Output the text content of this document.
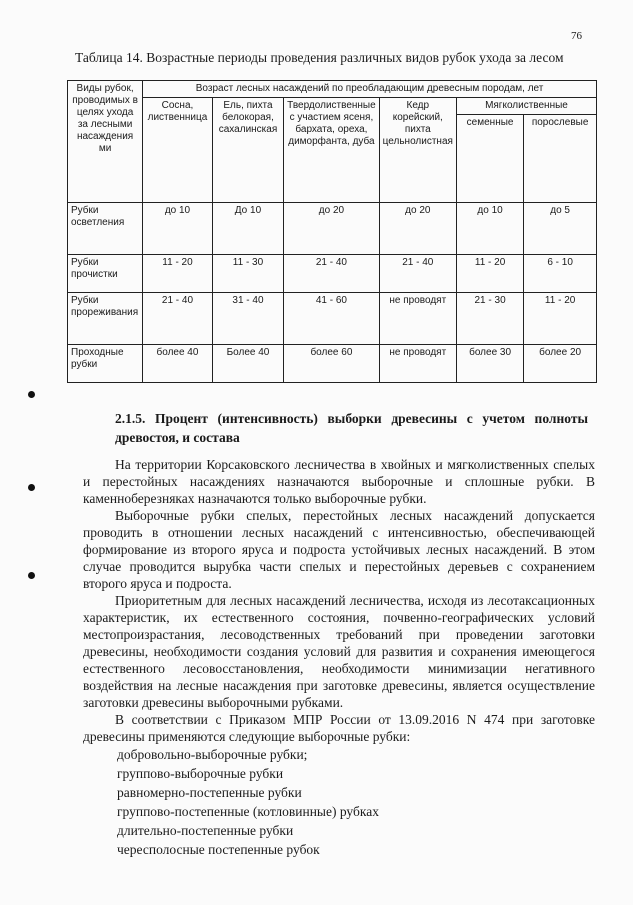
76
Таблица 14. Возрастные периоды проведения различных видов рубок ухода за лесом
Виды рубок, проводимых в целях ухода за лесными насаждения ми	Возраст лесных насаждений по преобладающим древесным породам, лет					
	Сосна, лиственница	Ель, пихта белокорая, сахалинская	Твердолиственные с участием ясеня, бархата, ореха, диморфанта, дуба	Кедр корейский, пихта цельнолистная	Мягколиственные	
					семенные	порослевые
Рубки осветления	до 10	До 10	до 20	до 20	до 10	до 5
Рубки прочистки	11 - 20	11 - 30	21 - 40	21 - 40	11 - 20	6 - 10
Рубки прореживания	21 - 40	31 - 40	41 - 60	не проводят	21 - 30	11 - 20
Проходные рубки	более 40	Более 40	более 60	не проводят	более 30	более 20
2.1.5. Процент (интенсивность) выборки древесины с учетом полноты древостоя, и состава

На территории Корсаковского лесничества в хвойных и мягколиственных спелых и перестойных насаждениях назначаются выборочные и сплошные рубки. В каменноберезняках назначаются только выборочные рубки.

Выборочные рубки спелых, перестойных лесных насаждений допускается проводить в отношении лесных насаждений с интенсивностью, обеспечивающей формирование из второго яруса и подроста устойчивых лесных насаждений. В этом случае проводится вырубка части спелых и перестойных деревьев с сохранением второго яруса и подроста.

Приоритетным для лесных насаждений лесничества, исходя из лесотаксационных характеристик, их естественного состояния, почвенно-географических условий местопроизрастания, лесоводственных требований при проведении заготовки древесины, необходимости создания условий для развития и сохранения имеющегося естественного лесовосстановления, необходимости минимизации негативного воздействия на лесные насаждения при заготовке древесины, является осуществление заготовки древесины выборочными рубками.

В соответствии с Приказом МПР России от 13.09.2016 N 474 при заготовке древесины применяются следующие выборочные рубки:

добровольно-выборочные рубки;
группово-выборочные рубки
равномерно-постепенные рубки
группово-постепенные (котловинные) рубках
длительно-постепенные рубки
чересполосные постепенные рубок
